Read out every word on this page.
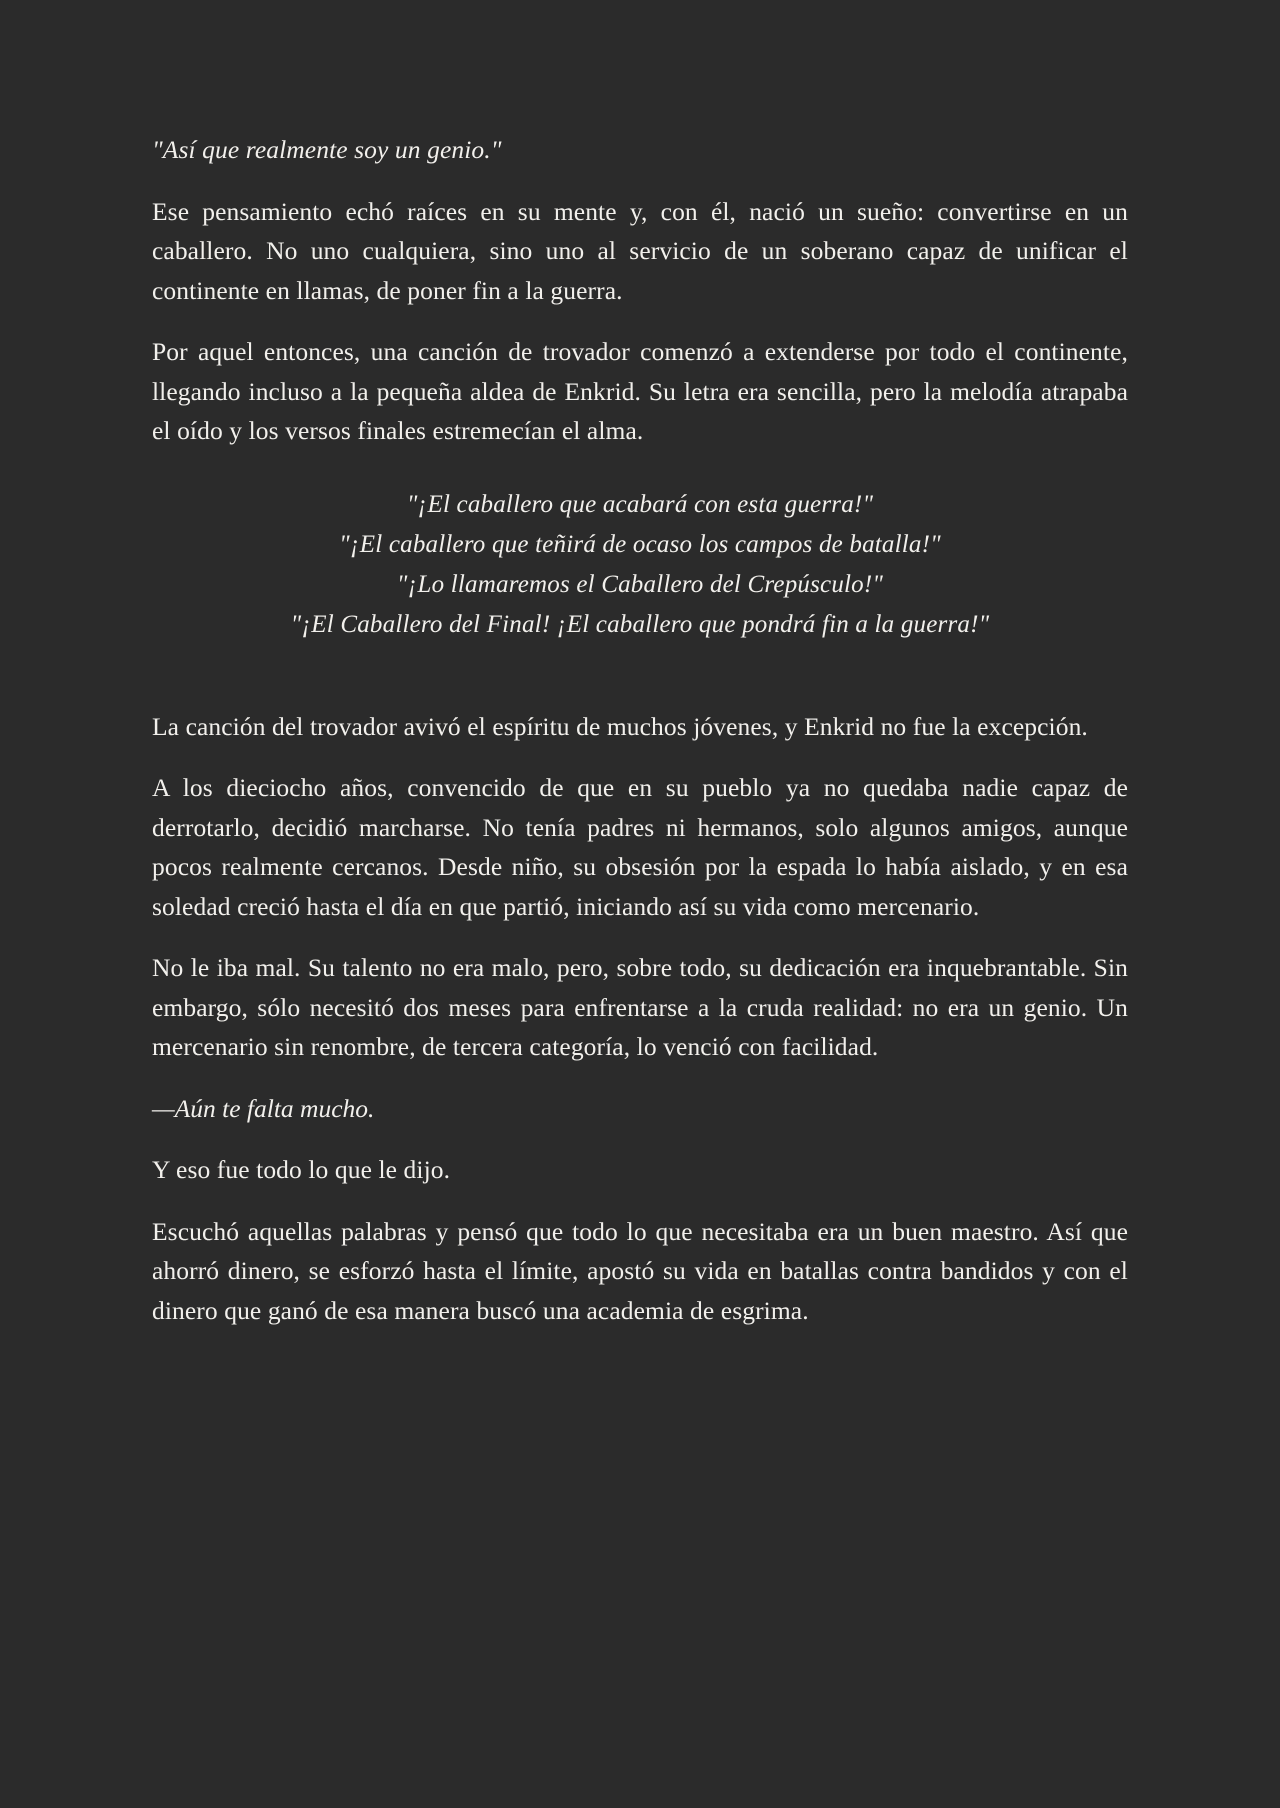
"Así que realmente soy un genio."

Ese pensamiento echó raíces en su mente y, con él, nació un sueño: convertirse en un caballero. No uno cualquiera, sino uno al servicio de un soberano capaz de unificar el continente en llamas, de poner fin a la guerra.

Por aquel entonces, una canción de trovador comenzó a extenderse por todo el continente, llegando incluso a la pequeña aldea de Enkrid. Su letra era sencilla, pero la melodía atrapaba el oído y los versos finales estremecían el alma.

"¡El caballero que acabará con esta guerra!"
"¡El caballero que teñirá de ocaso los campos de batalla!"
"¡Lo llamaremos el Caballero del Crepúsculo!"
"¡El Caballero del Final! ¡El caballero que pondrá fin a la guerra!"

La canción del trovador avivó el espíritu de muchos jóvenes, y Enkrid no fue la excepción.

A los dieciocho años, convencido de que en su pueblo ya no quedaba nadie capaz de derrotarlo, decidió marcharse. No tenía padres ni hermanos, solo algunos amigos, aunque pocos realmente cercanos. Desde niño, su obsesión por la espada lo había aislado, y en esa soledad creció hasta el día en que partió, iniciando así su vida como mercenario.

No le iba mal. Su talento no era malo, pero, sobre todo, su dedicación era inquebrantable. Sin embargo, sólo necesitó dos meses para enfrentarse a la cruda realidad: no era un genio. Un mercenario sin renombre, de tercera categoría, lo venció con facilidad.

—Aún te falta mucho.

Y eso fue todo lo que le dijo.

Escuchó aquellas palabras y pensó que todo lo que necesitaba era un buen maestro. Así que ahorró dinero, se esforzó hasta el límite, apostó su vida en batallas contra bandidos y con el dinero que ganó de esa manera buscó una academia de esgrima.
